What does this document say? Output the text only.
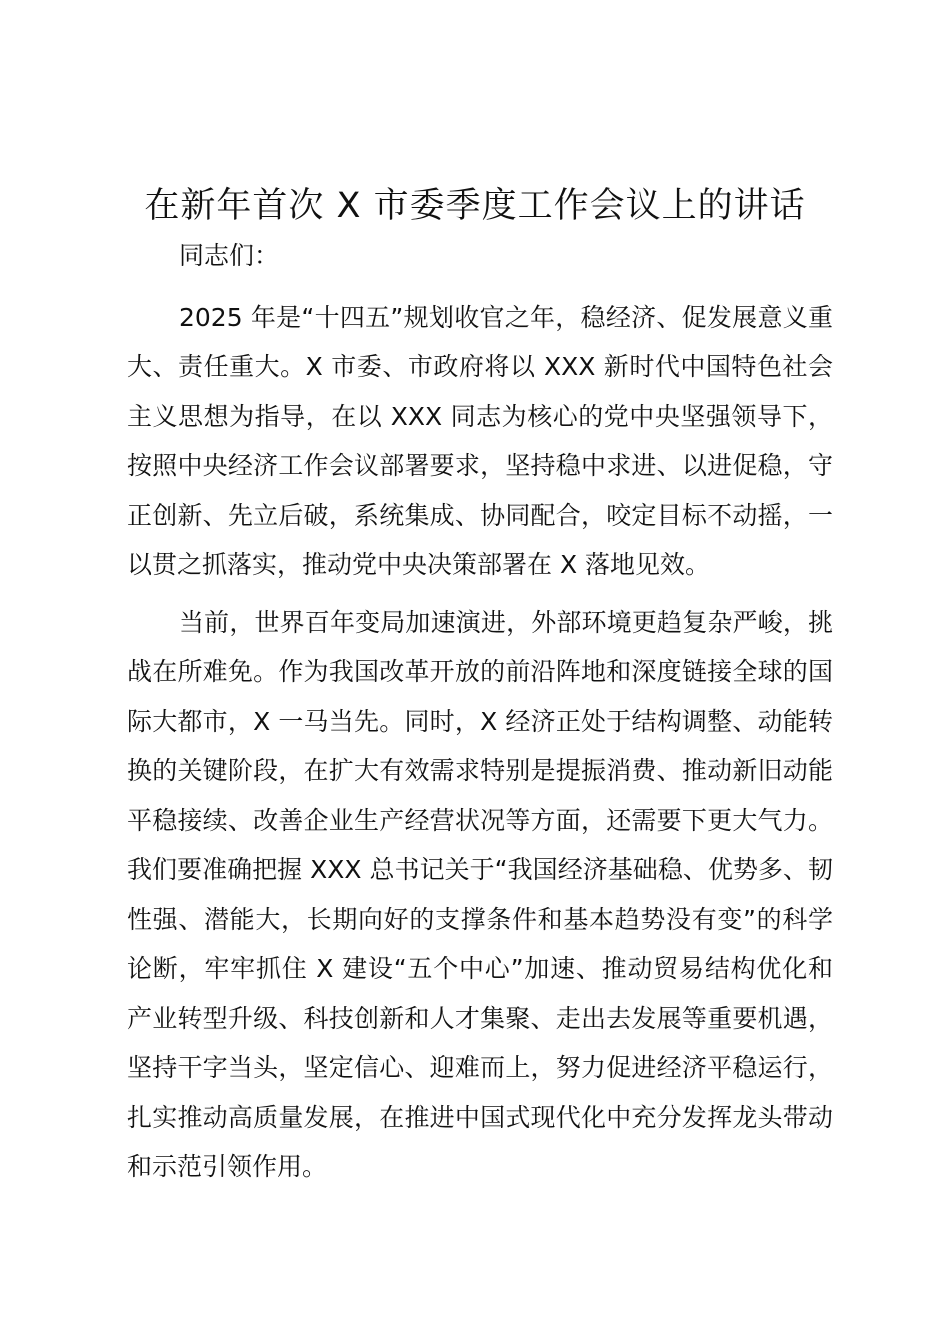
在新年首次 X 市委季度工作会议上的讲话

同志们：

2025 年是“十四五”规划收官之年，稳经济、促发展意义重大、责任重大。X 市委、市政府将以 XXX 新时代中国特色社会主义思想为指导，在以 XXX 同志为核心的党中央坚强领导下，按照中央经济工作会议部署要求，坚持稳中求进、以进促稳，守正创新、先立后破，系统集成、协同配合，咬定目标不动摇，一以贯之抓落实，推动党中央决策部署在 X 落地见效。

当前，世界百年变局加速演进，外部环境更趋复杂严峻，挑战在所难免。作为我国改革开放的前沿阵地和深度链接全球的国际大都市，X 一马当先。同时，X 经济正处于结构调整、动能转换的关键阶段，在扩大有效需求特别是提振消费、推动新旧动能平稳接续、改善企业生产经营状况等方面，还需要下更大气力。我们要准确把握 XXX 总书记关于“我国经济基础稳、优势多、韧性强、潜能大，长期向好的支撑条件和基本趋势没有变”的科学论断，牢牢抓住 X 建设“五个中心”加速、推动贸易结构优化和产业转型升级、科技创新和人才集聚、走出去发展等重要机遇，坚持干字当头，坚定信心、迎难而上，努力促进经济平稳运行，扎实推动高质量发展，在推进中国式现代化中充分发挥龙头带动和示范引领作用。
